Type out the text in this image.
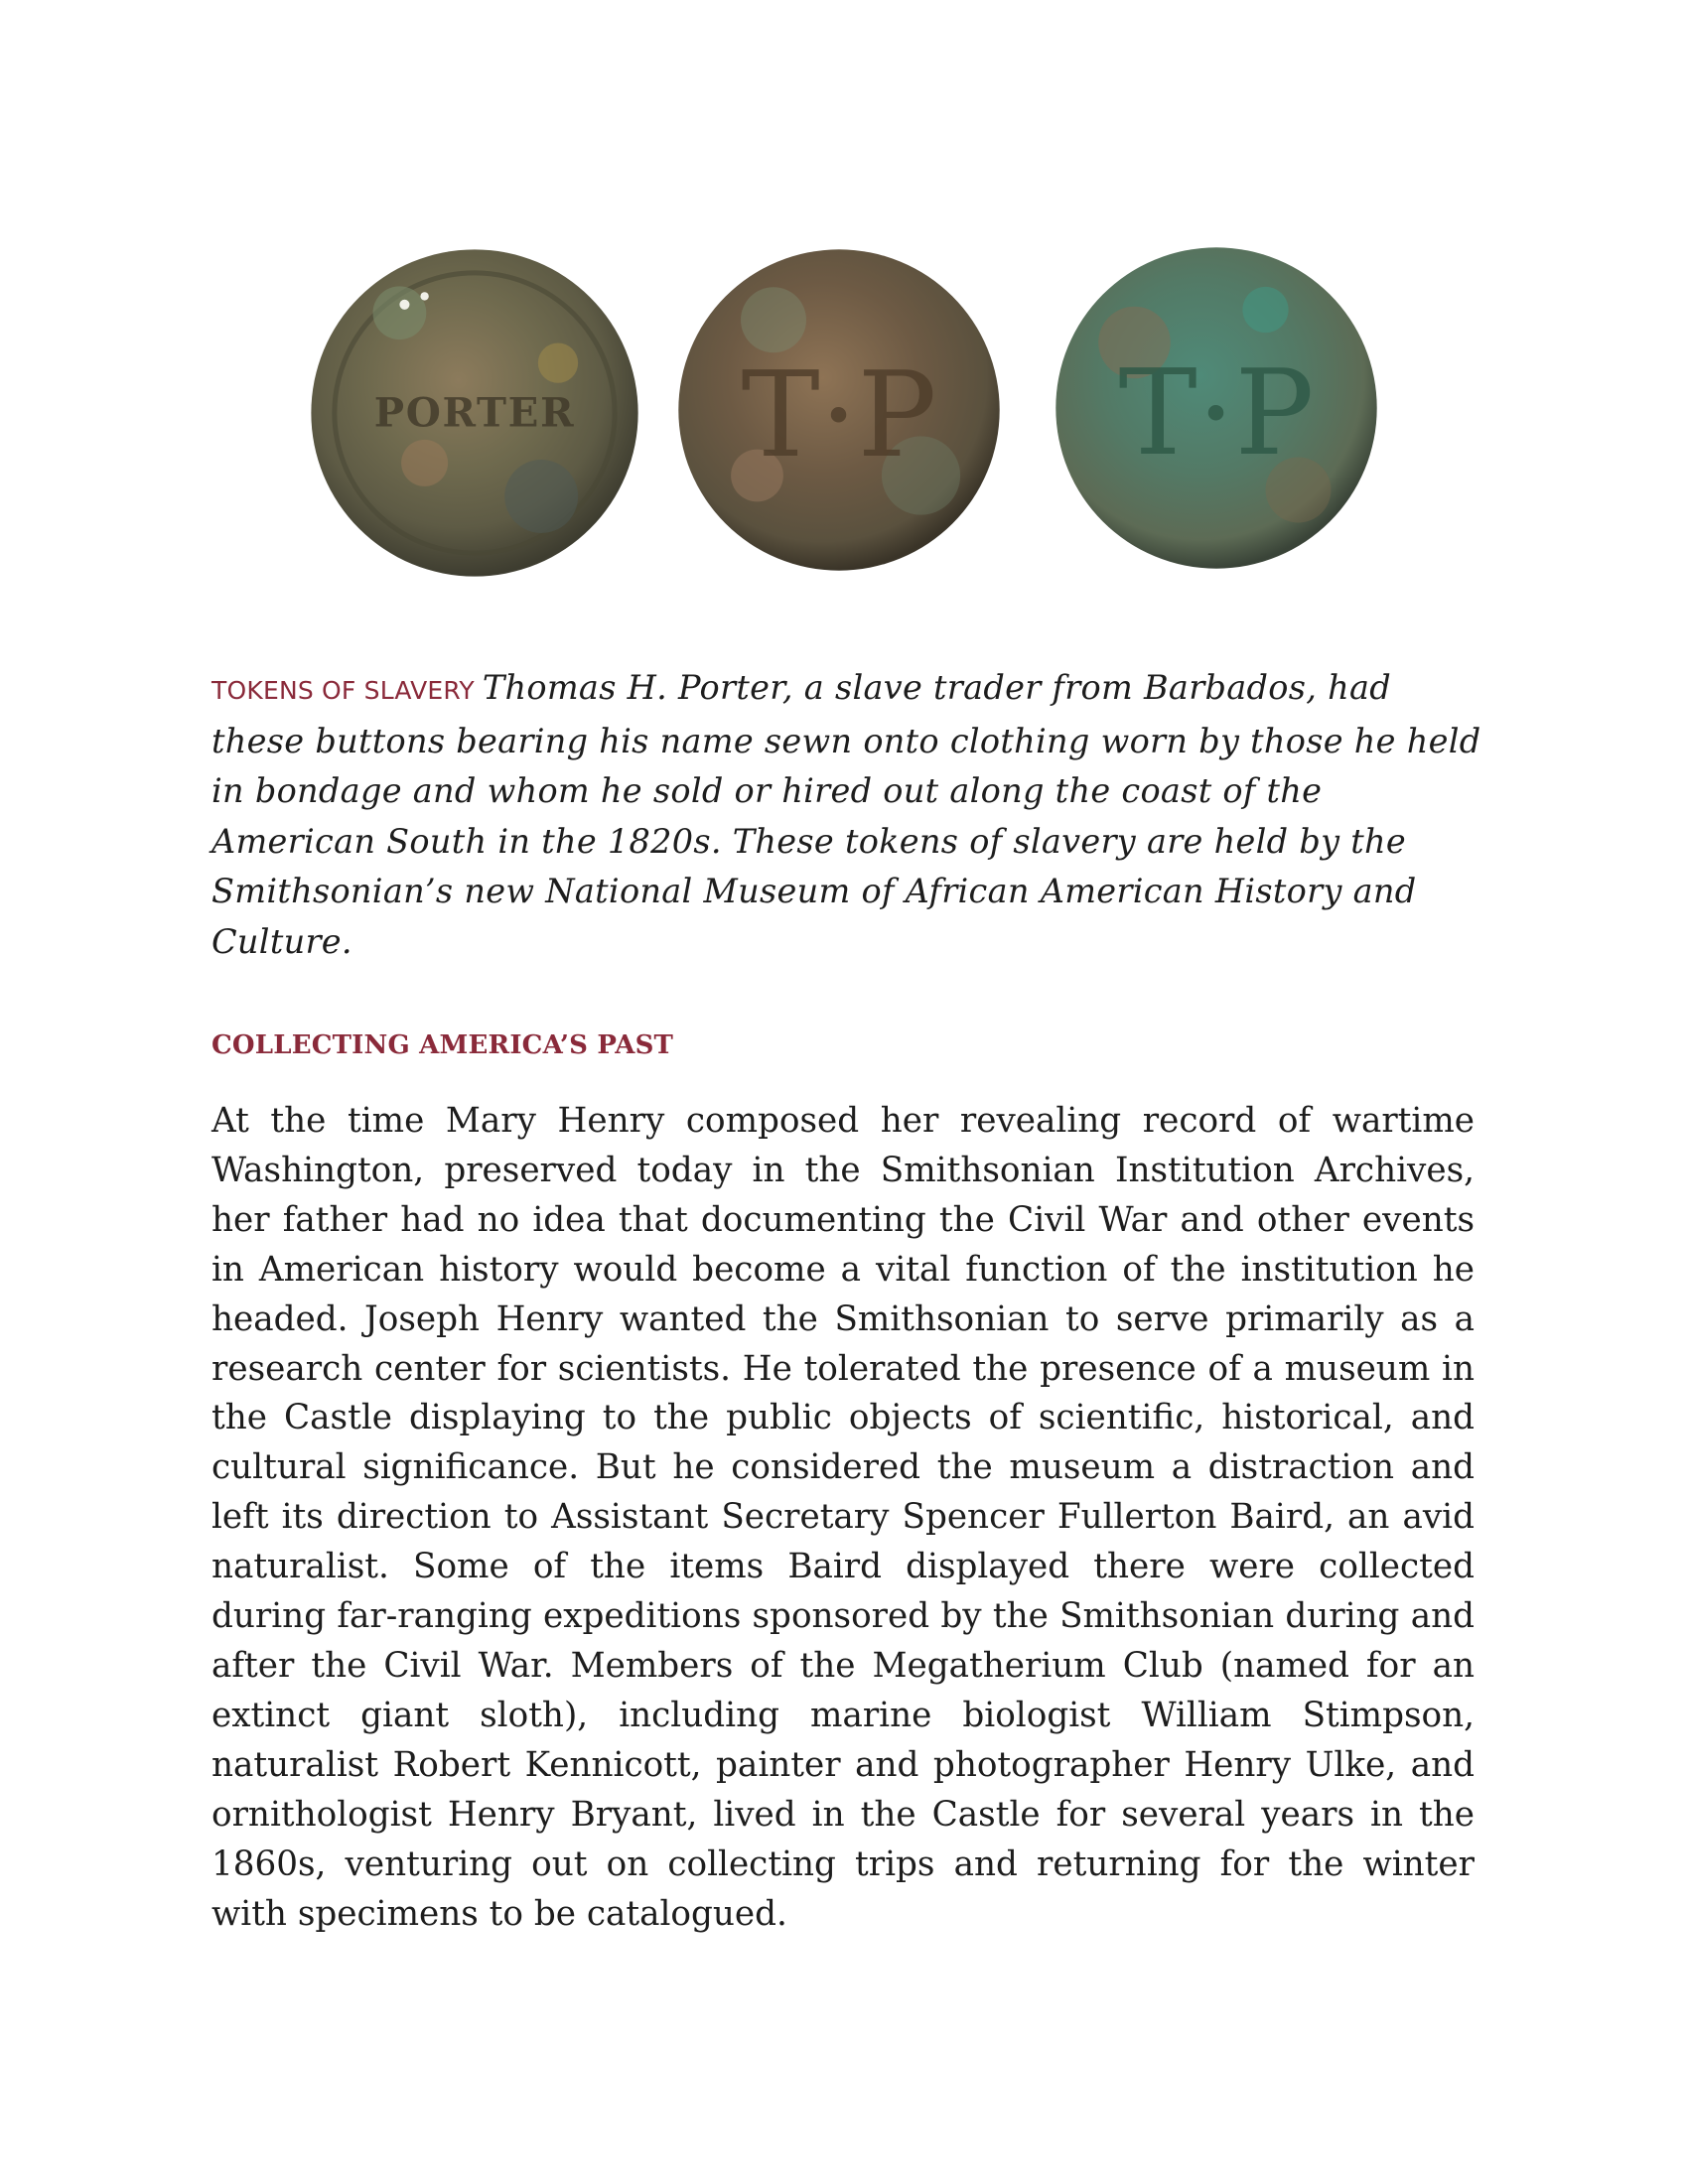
PORTER T·P	T·P

TOKENS OF SLAVERY Thomas H. Porter, a slave trader from Barbados, had these buttons bearing his name sewn onto clothing worn by those he held in bondage and whom he sold or hired out along the coast of the American South in the 1820s. These tokens of slavery are held by the Smithsonian’s new National Museum of African American History and Culture.

COLLECTING AMERICA’S PAST

At the time Mary Henry composed her revealing record of wartime Washington, preserved today in the Smithsonian Institution Archives, her father had no idea that documenting the Civil War and other events in American history would become a vital function of the institution he headed. Joseph Henry wanted the Smithsonian to serve primarily as a research center for scientists. He tolerated the presence of a museum in the Castle displaying to the public objects of scientific, historical, and cultural significance. But he considered the museum a distraction and left its direction to Assistant Secretary Spencer Fullerton Baird, an avid naturalist. Some of the items Baird displayed there were collected during far-ranging expeditions sponsored by the Smithsonian during and after the Civil War. Members of the Megatherium Club (named for an extinct giant sloth), including marine biologist William Stimpson, naturalist Robert Kennicott, painter and photographer Henry Ulke, and ornithologist Henry Bryant, lived in the Castle for several years in the 1860s, venturing out on collecting trips and returning for the winter with specimens to be catalogued.
